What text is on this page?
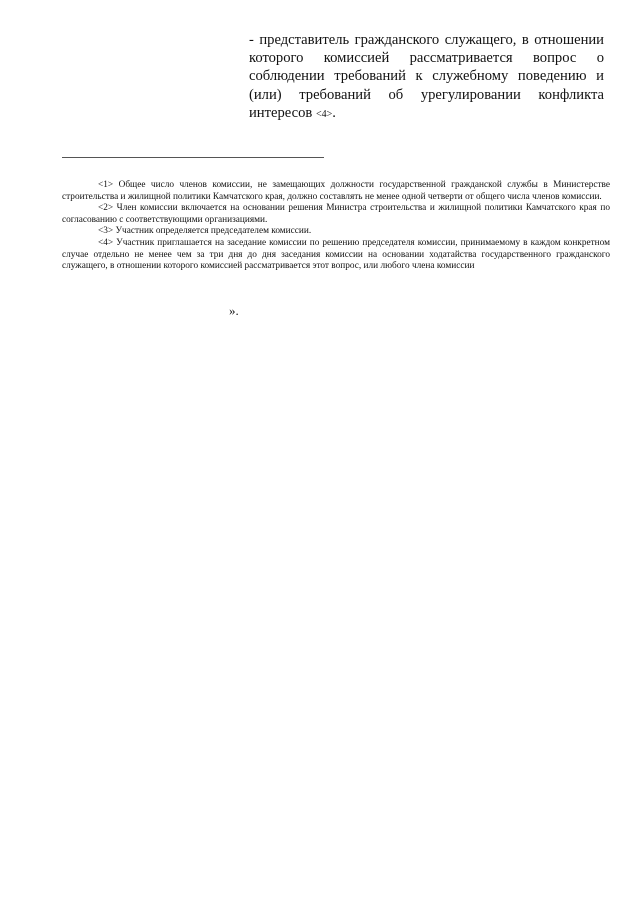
- представитель гражданского служащего, в отношении которого комиссией рассматривается вопрос о соблюдении требований к служебному поведению и (или) требований об урегулировании конфликта интересов <4>.

<1> Общее число членов комиссии, не замещающих должности государственной гражданской службы в Министерстве строительства и жилищной политики Камчатского края, должно составлять не менее одной четверти от общего числа членов комиссии.

<2> Член комиссии включается на основании решения Министра строительства и жилищной политики Камчатского края по согласованию с соответствующими организациями.

<3> Участник определяется председателем комиссии.

<4> Участник приглашается на заседание комиссии по решению председателя комиссии, принимаемому в каждом конкретном случае отдельно не менее чем за три дня до дня заседания комиссии на основании ходатайства государственного гражданского служащего, в отношении которого комиссией рассматривается этот вопрос, или любого члена комиссии

».
